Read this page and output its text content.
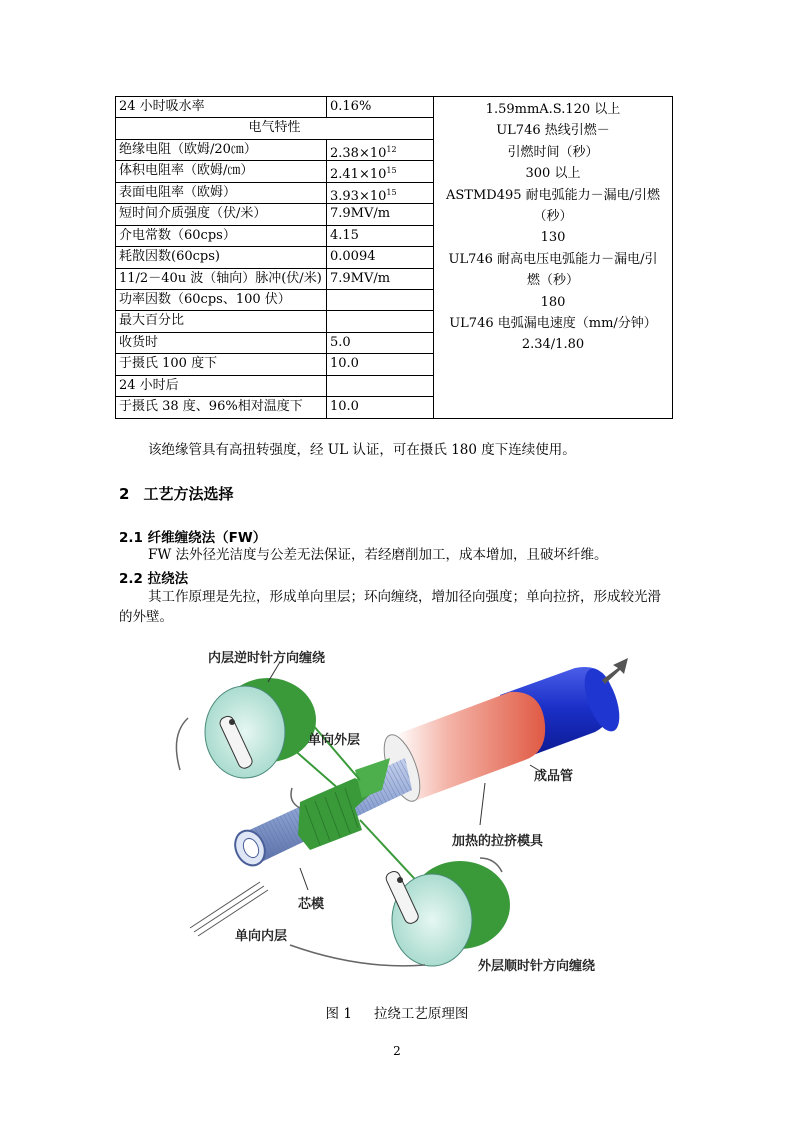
24 小时吸水率	0.16%
电气特性
绝缘电阻（欧姆/20㎝）	$2.38\times 10^{12}$
体积电阻率（欧姆/㎝）	$2.41\times 10^{15}$
表面电阻率（欧姆）	$3.93\times 10^{15}$
短时间介质强度（伏/米）	7.9MV/m
介电常数（60cps）	4.15
耗散因数(60cps)	0.0094
11/2－40u 波（轴向）脉冲(伏/米) 7.9MV/m
功率因数（60cps、100 伏）
最大百分比
收货时	5.0
于摄氏 100 度下	10.0
24 小时后
于摄氏 38 度、96%相对温度下	10.0
1.59mmA.S.120 以上
UL746 热线引燃－
引燃时间（秒）
300 以上
ASTMD495 耐电弧能力－漏电/引燃
（秒）
130
UL746 耐高电压电弧能力－漏电/引
燃（秒）
180
UL746 电弧漏电速度（mm/分钟）
2.34/1.80
该绝缘管具有高扭转强度，经 UL 认证，可在摄氏 180 度下连续使用。
2 工艺方法选择
2.1 纤维缠绕法（FW）
FW 法外径光洁度与公差无法保证，若经磨削加工，成本增加，且破坏纤维。
2.2 拉绕法
其工作原理是先拉，形成单向里层；环向缠绕，增加径向强度；单向拉挤，形成较光滑
的外壁。
内层逆时针方向缠绕
单向外层
成品管
加热的拉挤模具
芯模
单向内层
外层顺时针方向缠绕
图 1 拉绕工艺原理图
2
